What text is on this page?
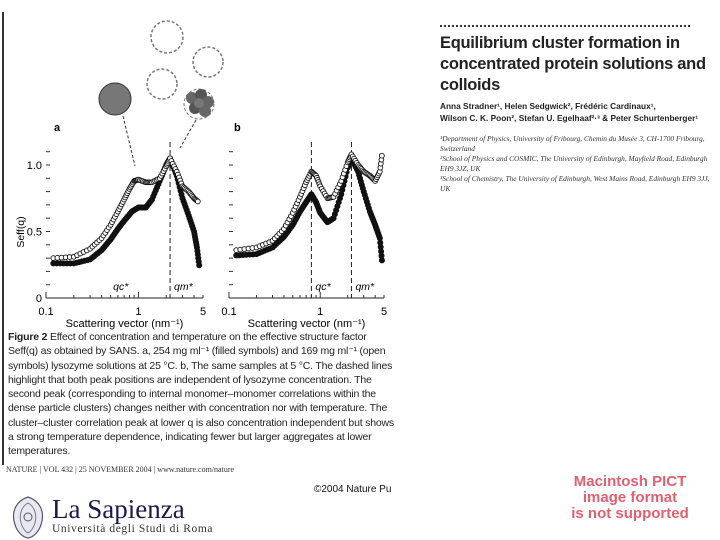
a
0.1	1	5
0
0.5
1.0
Seff(q)
Scattering vector (nm⁻¹)
qc*	qm*
b
0.1	1	5
Scattering vector (nm⁻¹)
qc* qm*
Equilibrium cluster formation in concentrated protein solutions and colloids
Anna Stradner¹, Helen Sedgwick², Frédéric Cardinaux¹,
Wilson C. K. Poon², Stefan U. Egelhaaf²·³ & Peter Schurtenberger¹
¹Department of Physics, University of Fribourg, Chemin du Musée 3, CH-1700 Fribourg, Switzerland
²School of Physics and COSMIC, The University of Edinburgh, Mayfield Road, Edinburgh EH9 3JZ, UK
³School of Chemistry, The University of Edinburgh, West Mains Road, Edinburgh EH9 3JJ, UK
Figure 2 Effect of concentration and temperature on the effective structure factor Seff(q) as obtained by SANS. a, 254 mg ml⁻¹ (filled symbols) and 169 mg ml⁻¹ (open symbols) lysozyme solutions at 25 °C. b, The same samples at 5 °C. The dashed lines highlight that both peak positions are independent of lysozyme concentration. The second peak (corresponding to internal monomer–monomer correlations within the dense particle clusters) changes neither with concentration nor with temperature. The cluster–cluster correlation peak at lower q is also concentration independent but shows a strong temperature dependence, indicating fewer but larger aggregates at lower temperatures.
NATURE | VOL 432 | 25 NOVEMBER 2004 | www.nature.com/nature
©2004 Nature Pu
La Sapienza
Università degli Studi di Roma
Macintosh PICT
image format
is not supported
